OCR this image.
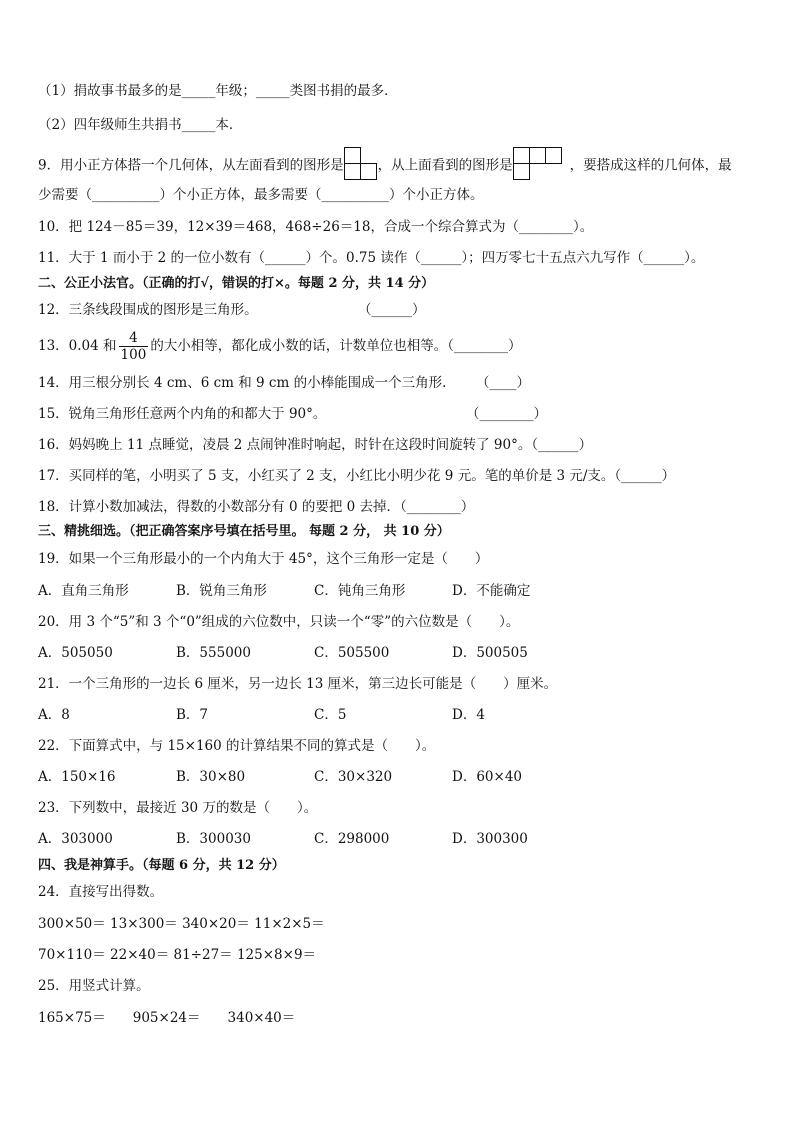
（1）捐故事书最多的是_____年级；_____类图书捐的最多．
（2）四年级师生共捐书_____本．
9．用小正方体搭一个几何体，从左面看到的图形是	，从上面看到的图形是	，要搭成这样的几何体，最
少需要（__________）个小正方体，最多需要（__________）个小正方体。
10．把 124－85＝39，12×39＝468，468÷26＝18，合成一个综合算式为（________）。
11．大于 1 而小于 2 的一位小数有（______）个。0.75 读作（______）；四万零七十五点六九写作（______）。
二、公正小法官。（正确的打√，错误的打×。每题 2 分，共 14 分）
12．三条线段围成的图形是三角形。	（______）
13．0.04 和 $\frac{4}{100}$ 的大小相等，都化成小数的话，计数单位也相等。（________）
14．用三根分别长 4 cm、6 cm 和 9 cm 的小棒能围成一个三角形. （____）
15．锐角三角形任意两个内角的和都大于 90°。	（________）
16．妈妈晚上 11 点睡觉，凌晨 2 点闹钟准时响起，时针在这段时间旋转了 90°。（______）
17．买同样的笔，小明买了 5 支，小红买了 2 支，小红比小明少花 9 元。笔的单价是 3 元/支。（______）
18．计算小数加减法，得数的小数部分有 0 的要把 0 去掉．（________）
三、精挑细选。（把正确答案序号填在括号里。 每题 2 分， 共 10 分）
19．如果一个三角形最小的一个内角大于 45°，这个三角形一定是（　　）
A．直角三角形	B．锐角三角形	C．钝角三角形	D．不能确定
20．用 3 个“5”和 3 个“0”组成的六位数中，只读一个“零”的六位数是（　　）。
A．505050	B．555000	C．505500	D．500505
21．一个三角形的一边长 6 厘米，另一边长 13 厘米，第三边长可能是（　　）厘米。
A．8	B．7	C．5	D．4
22．下面算式中，与 15×160 的计算结果不同的算式是（　　）。
A．150×16	B．30×80	C．30×320	D．60×40
23．下列数中，最接近 30 万的数是（　　）。
A．303000	B．300030	C．298000	D．300300
四、我是神算手。（每题 6 分，共 12 分）
24．直接写出得数。
300×50＝ 13×300＝ 340×20＝ 11×2×5＝
70×110＝ 22×40＝ 81÷27＝ 125×8×9＝
25．用竖式计算。
165×75＝　　905×24＝　　340×40＝
